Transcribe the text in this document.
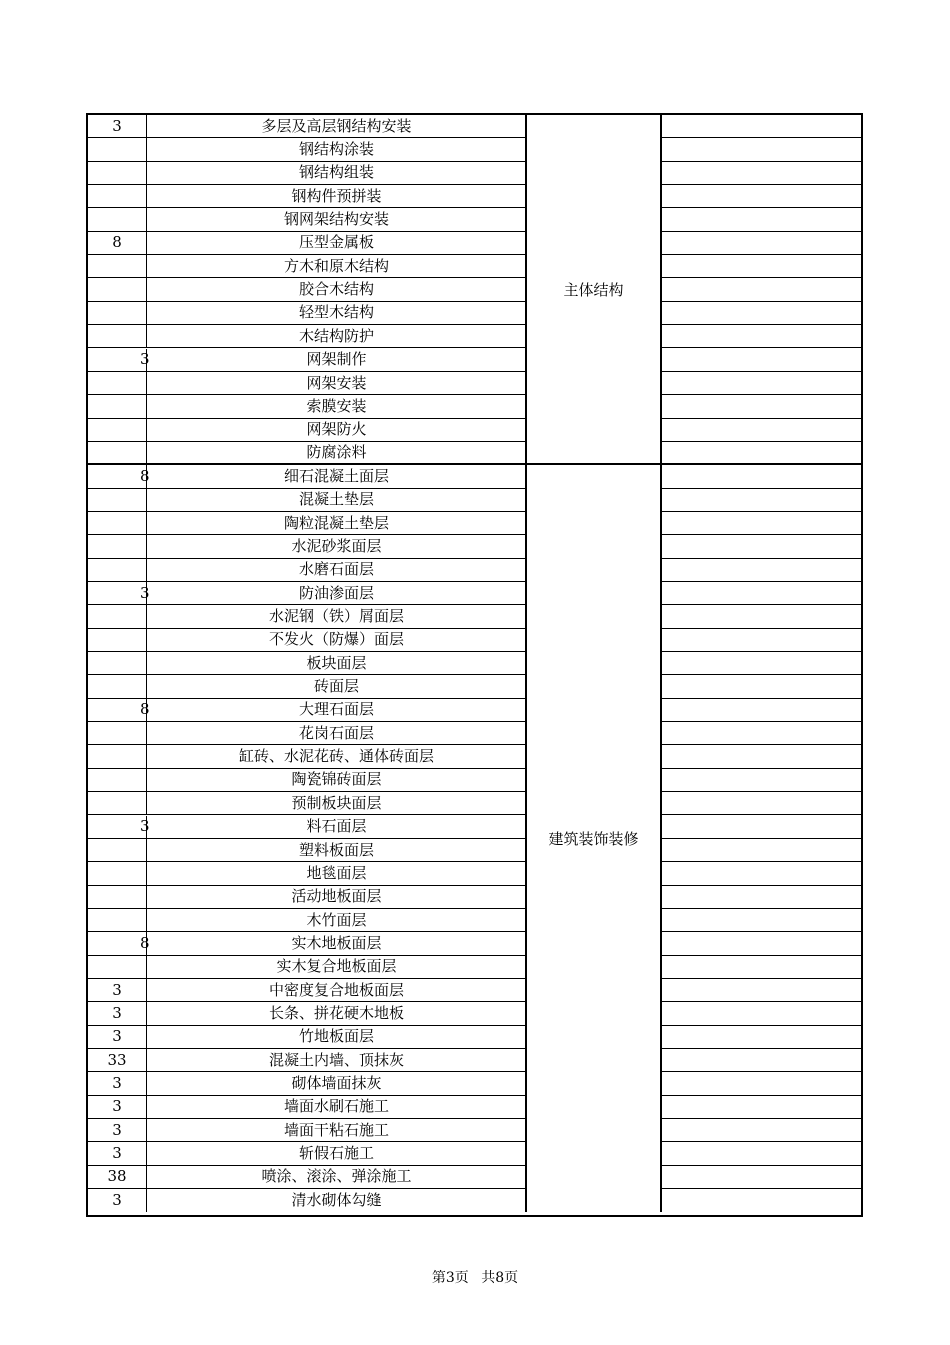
3	多层及高层钢结构安装
钢结构涂装
钢结构组装
钢构件预拼装
钢网架结构安装
8	压型金属板
方木和原木结构
胶合木结构
轻型木结构
木结构防护
3	网架制作
网架安装
索膜安装
网架防火
防腐涂料
主体结构
8	细石混凝土面层
混凝土垫层
陶粒混凝土垫层
水泥砂浆面层
水磨石面层
3	防油渗面层
水泥钢（铁）屑面层
不发火（防爆）面层
板块面层
砖面层
8	大理石面层
花岗石面层
缸砖、水泥花砖、通体砖面层
陶瓷锦砖面层
预制板块面层
3	料石面层
塑料板面层
地毯面层
活动地板面层
木竹面层
8	实木地板面层
实木复合地板面层
3	中密度复合地板面层
3	长条、拼花硬木地板
3	竹地板面层
33	混凝土内墙、顶抹灰
3	砌体墙面抹灰
3	墙面水刷石施工
3	墙面干粘石施工
3	斩假石施工
38	喷涂、滚涂、弹涂施工
3	清水砌体勾缝
建筑装饰装修
第3页 共8页
